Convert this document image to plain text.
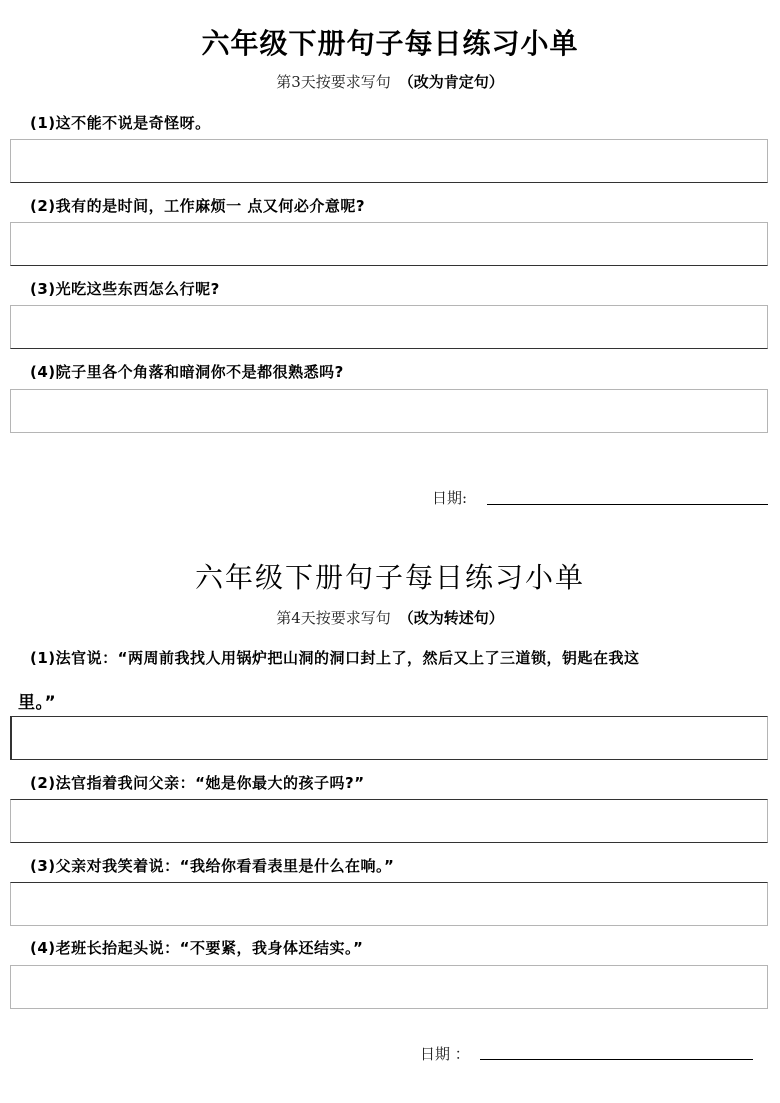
六年级下册句子每日练习小单
第3天按要求写句 （改为肯定句）
(1)这不能不说是奇怪呀。
(2)我有的是时间，工作麻烦一 点又何必介意呢?
(3)光吃这些东西怎么行呢?
(4)院子里各个角落和暗洞你不是都很熟悉吗?
日期:
六年级下册句子每日练习小单
第4天按要求写句 （改为转述句）
(1)法官说：“两周前我找人用锅炉把山洞的洞口封上了，然后又上了三道锁，钥匙在我这
里。”
(2)法官指着我问父亲：“她是你最大的孩子吗?”
(3)父亲对我笑着说：“我给你看看表里是什么在响。”
(4)老班长抬起头说：“不要紧，我身体还结实。”
日期 ：
